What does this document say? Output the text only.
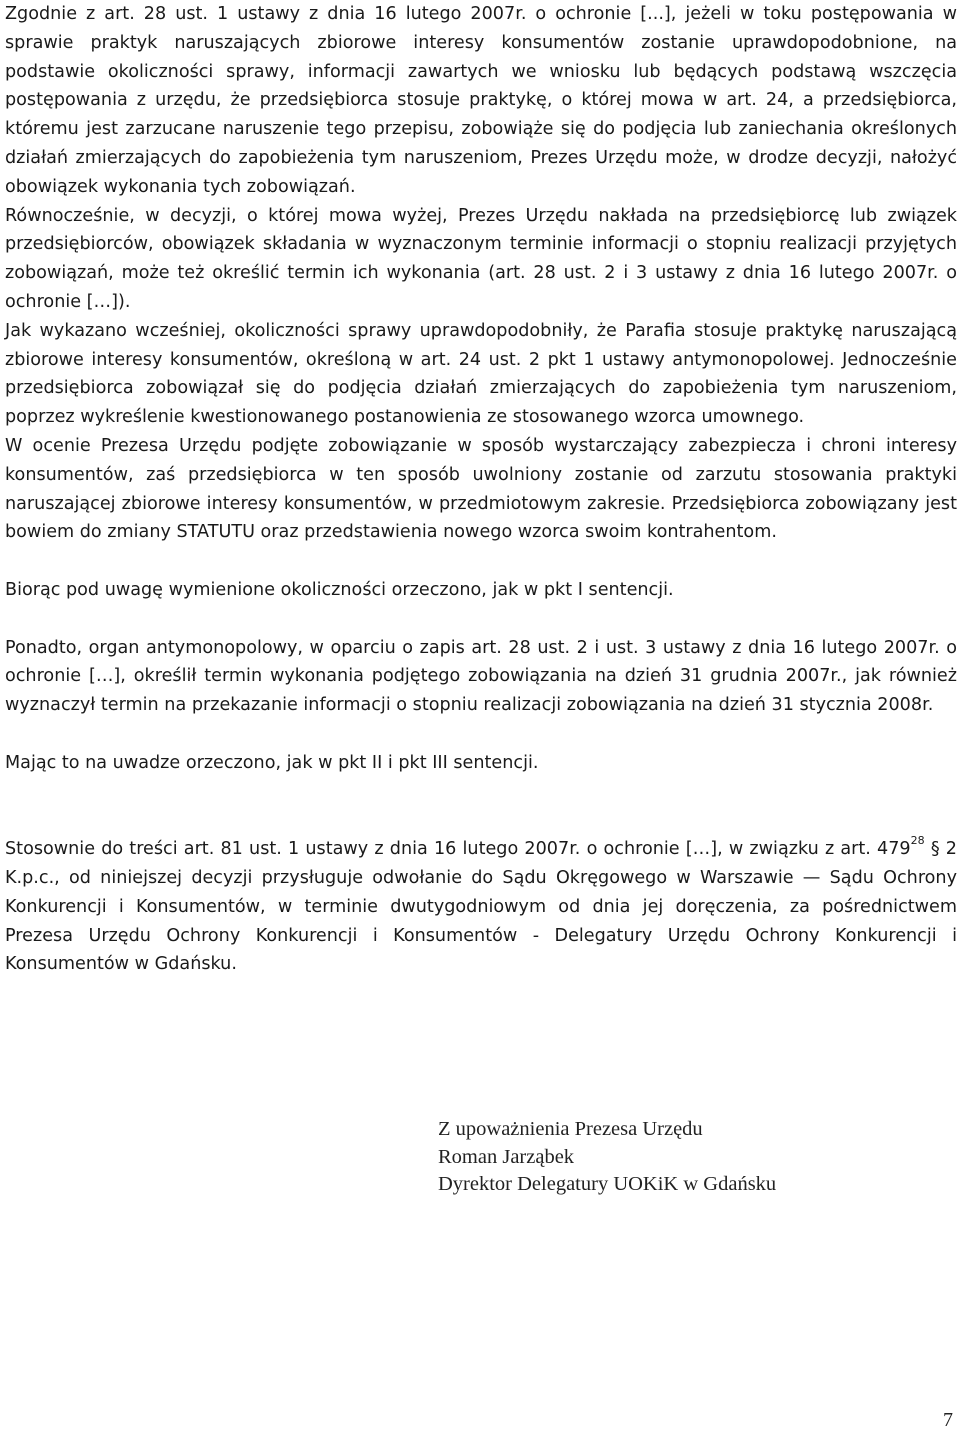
Zgodnie z art. 28 ust. 1 ustawy z dnia 16 lutego 2007r. o ochronie [...], jeżeli w toku postępowania w sprawie praktyk naruszających zbiorowe interesy konsumentów zostanie uprawdopodobnione, na podstawie okoliczności sprawy, informacji zawartych we wniosku lub będących podstawą wszczęcia postępowania z urzędu, że przedsiębiorca stosuje praktykę, o której mowa w art. 24, a przedsiębiorca, któremu jest zarzucane naruszenie tego przepisu, zobowiąże się do podjęcia lub zaniechania określonych działań zmierzających do zapobieżenia tym naruszeniom, Prezes Urzędu może, w drodze decyzji, nałożyć obowiązek wykonania tych zobowiązań.

Równocześnie, w decyzji, o której mowa wyżej, Prezes Urzędu nakłada na przedsiębiorcę lub związek przedsiębiorców, obowiązek składania w wyznaczonym terminie informacji o stopniu realizacji przyjętych zobowiązań, może też określić termin ich wykonania (art. 28 ust. 2 i 3 ustawy z dnia 16 lutego 2007r. o ochronie […]).

Jak wykazano wcześniej, okoliczności sprawy uprawdopodobniły, że Parafia stosuje praktykę naruszającą zbiorowe interesy konsumentów, określoną w art. 24 ust. 2 pkt 1 ustawy antymonopolowej. Jednocześnie przedsiębiorca zobowiązał się do podjęcia działań zmierzających do zapobieżenia tym naruszeniom, poprzez wykreślenie kwestionowanego postanowienia ze stosowanego wzorca umownego.

W ocenie Prezesa Urzędu podjęte zobowiązanie w sposób wystarczający zabezpiecza i chroni interesy konsumentów, zaś przedsiębiorca w ten sposób uwolniony zostanie od zarzutu stosowania praktyki naruszającej zbiorowe interesy konsumentów, w przedmiotowym zakresie. Przedsiębiorca zobowiązany jest bowiem do zmiany STATUTU oraz przedstawienia nowego wzorca swoim kontrahentom.

Biorąc pod uwagę wymienione okoliczności orzeczono, jak w pkt I sentencji.

Ponadto, organ antymonopolowy, w oparciu o zapis art. 28 ust. 2 i ust. 3 ustawy z dnia 16 lutego 2007r. o ochronie […], określił termin wykonania podjętego zobowiązania na dzień 31 grudnia 2007r., jak również wyznaczył termin na przekazanie informacji o stopniu realizacji zobowiązania na dzień 31 stycznia 2008r.

Mając to na uwadze orzeczono, jak w pkt II i pkt III sentencji.

Stosownie do treści art. 81 ust. 1 ustawy z dnia 16 lutego 2007r. o ochronie […], w związku z art. $479^{28}$ § 2 K.p.c., od niniejszej decyzji przysługuje odwołanie do Sądu Okręgowego w Warszawie — Sądu Ochrony Konkurencji i Konsumentów, w terminie dwutygodniowym od dnia jej doręczenia, za pośrednictwem Prezesa Urzędu Ochrony Konkurencji i Konsumentów - Delegatury Urzędu Ochrony Konkurencji i Konsumentów w Gdańsku.

Z upoważnienia Prezesa Urzędu
Roman Jarząbek
Dyrektor Delegatury UOKiK w Gdańsku
7
